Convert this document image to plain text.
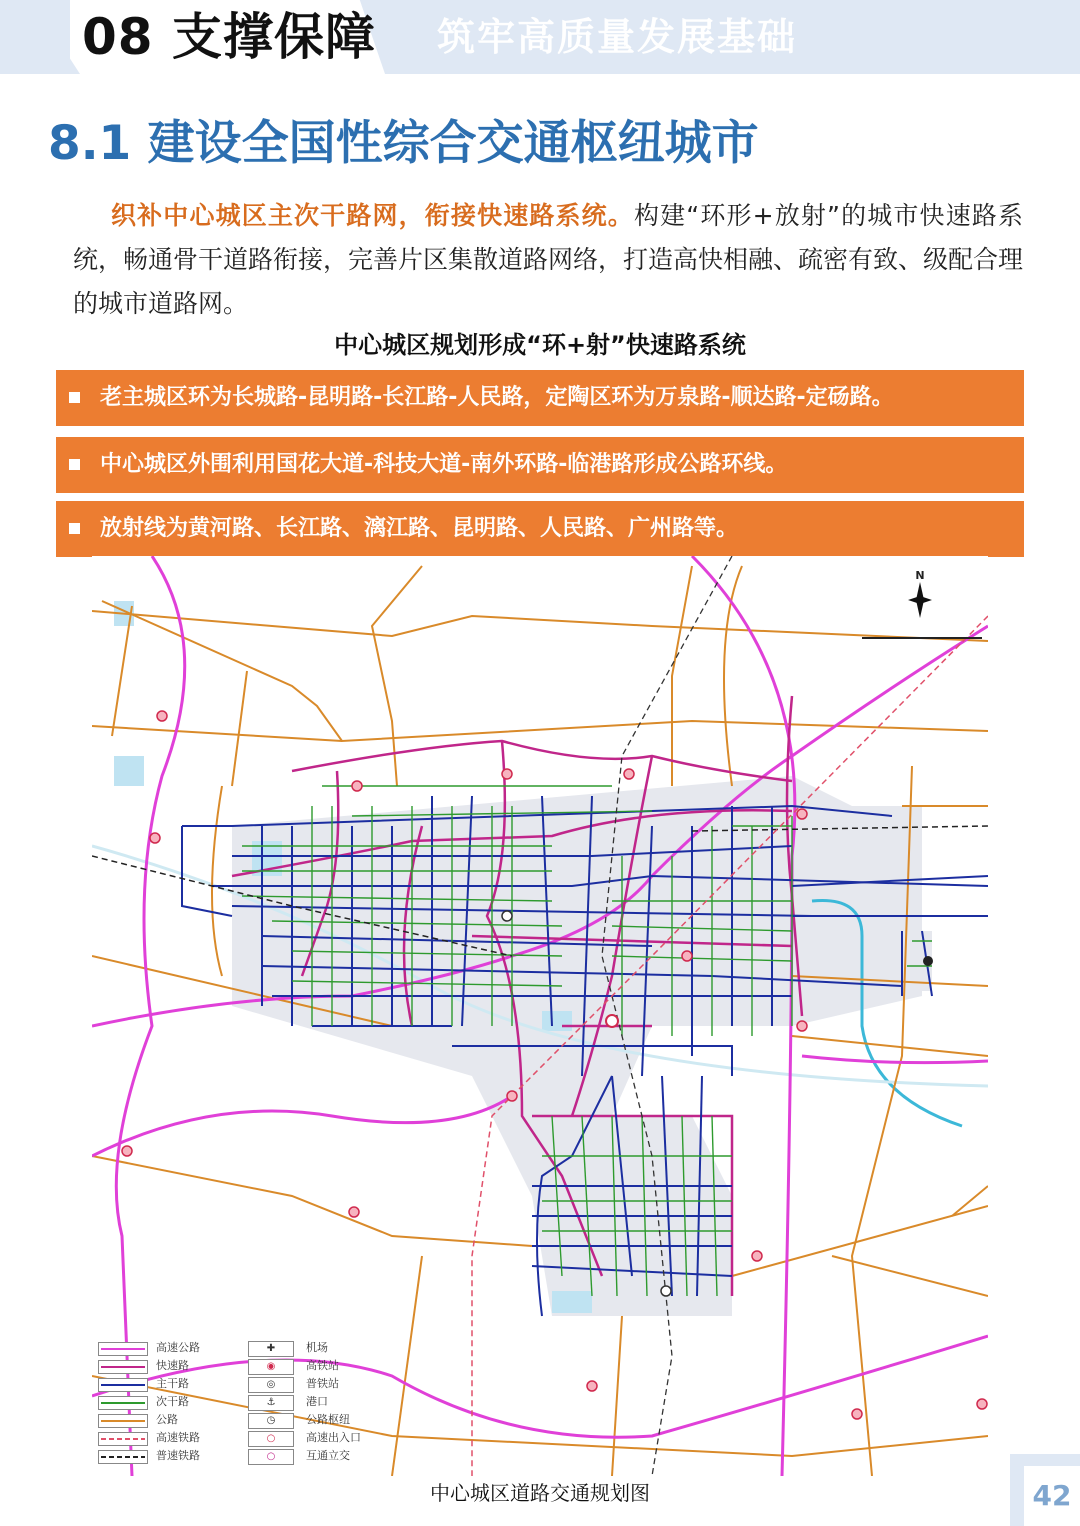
08 支撑保障 筑牢高质量发展基础
8.1 建设全国性综合交通枢纽城市
织补中心城区主次干路网，衔接快速路系统。构建“环形+放射”的城市快速路系统，畅通骨干道路衔接，完善片区集散道路网络，打造高快相融、疏密有致、级配合理的城市道路网。
中心城区规划形成“环+射”快速路系统
老主城区环为长城路-昆明路-长江路-人民路，定陶区环为万泉路-顺达路-定砀路。
中心城区外围利用国花大道-科技大道-南外环路-临港路形成公路环线。
放射线为黄河路、长江路、漓江路、昆明路、人民路、广州路等。
N
高速公路
快速路
主干路
次干路
公路
高速铁路
普速铁路
✚	机场
◉	高铁站
◎	普铁站
⚓	港口
◷	公路枢纽
○	高速出入口
○	互通立交
中心城区道路交通规划图	42
